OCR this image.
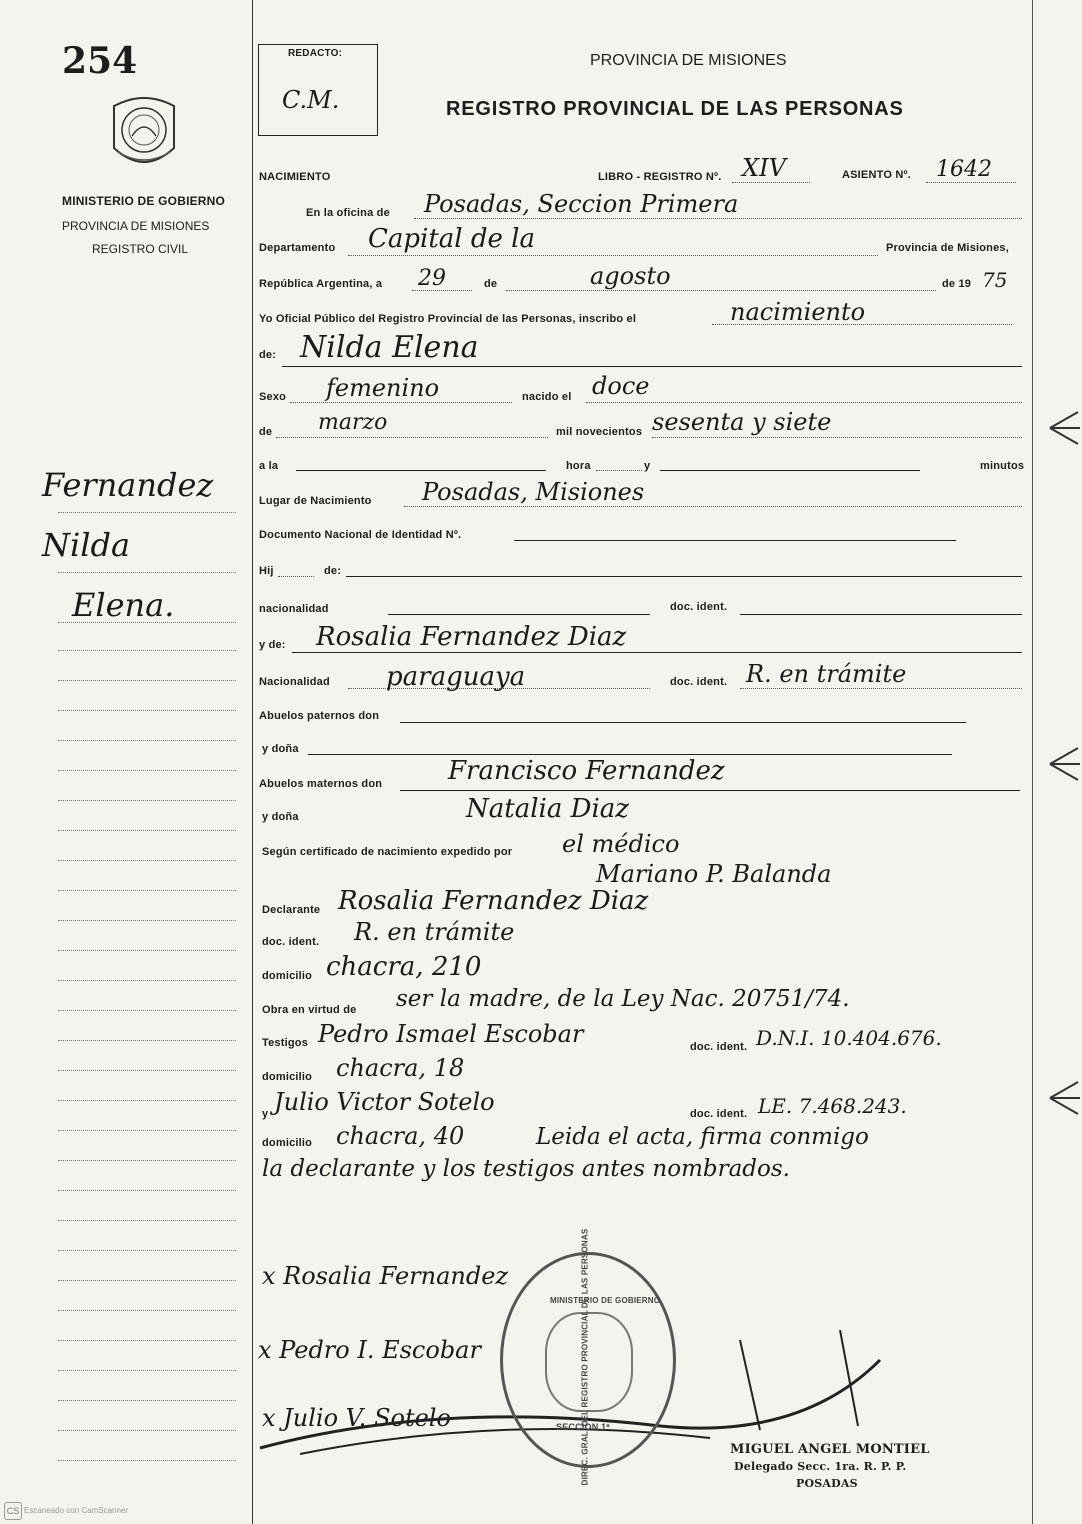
254
MINISTERIO DE GOBIERNO
PROVINCIA DE MISIONES
REGISTRO CIVIL
REDACTO:
C.M.
PROVINCIA DE MISIONES
REGISTRO PROVINCIAL DE LAS PERSONAS
NACIMIENTO	LIBRO - REGISTRO Nº. XIV	ASIENTO Nº. 1642
En la oficina de Posadas, Seccion Primera
Departamento Capital de la	Provincia de Misiones,
República Argentina, a 29	de	agosto	de 19 75
Yo Oficial Público del Registro Provincial de las Personas, inscribo el	nacimiento
de: Nilda Elena
Sexo femenino	nacido el doce
de marzo	mil novecientos sesenta y siete
a la	hora	y	minutos
Lugar de Nacimiento Posadas, Misiones
Documento Nacional de Identidad Nº.
Hij	de:
nacionalidad	doc. ident.
y de: Rosalia Fernandez Diaz
Nacionalidad paraguaya	doc. ident. R. en trámite
Abuelos paternos don
y doña
Abuelos maternos don	Francisco Fernandez
y doña	Natalia Diaz
Según certificado de nacimiento expedido por el médico
Mariano P. Balanda
Declarante Rosalia Fernandez Diaz
doc. ident. R. en trámite
domicilio chacra, 210
Obra en virtud de ser la madre, de la Ley Nac. 20751/74.
Testigos Pedro Ismael Escobar	doc. ident. D.N.I. 10.404.676.
domicilio chacra, 18
y Julio Victor Sotelo	doc. ident. LE. 7.468.243.
domicilio chacra, 40	Leida el acta, firma conmigo
la declarante y los testigos antes nombrados.
Fernandez
Nilda
Elena.
x Rosalia Fernandez
x Pedro I. Escobar
x Julio V. Sotelo	DIREC. GRAL. DEL REGISTRO PROVINCIAL DE LAS PERSONAS
MINISTERIO DE GOBIERNO
SECCION 1ª
MIGUEL ANGEL MONTIEL
Delegado Secc. 1ra. R. P. P.
POSADAS
CS Escaneado con CamScanner
